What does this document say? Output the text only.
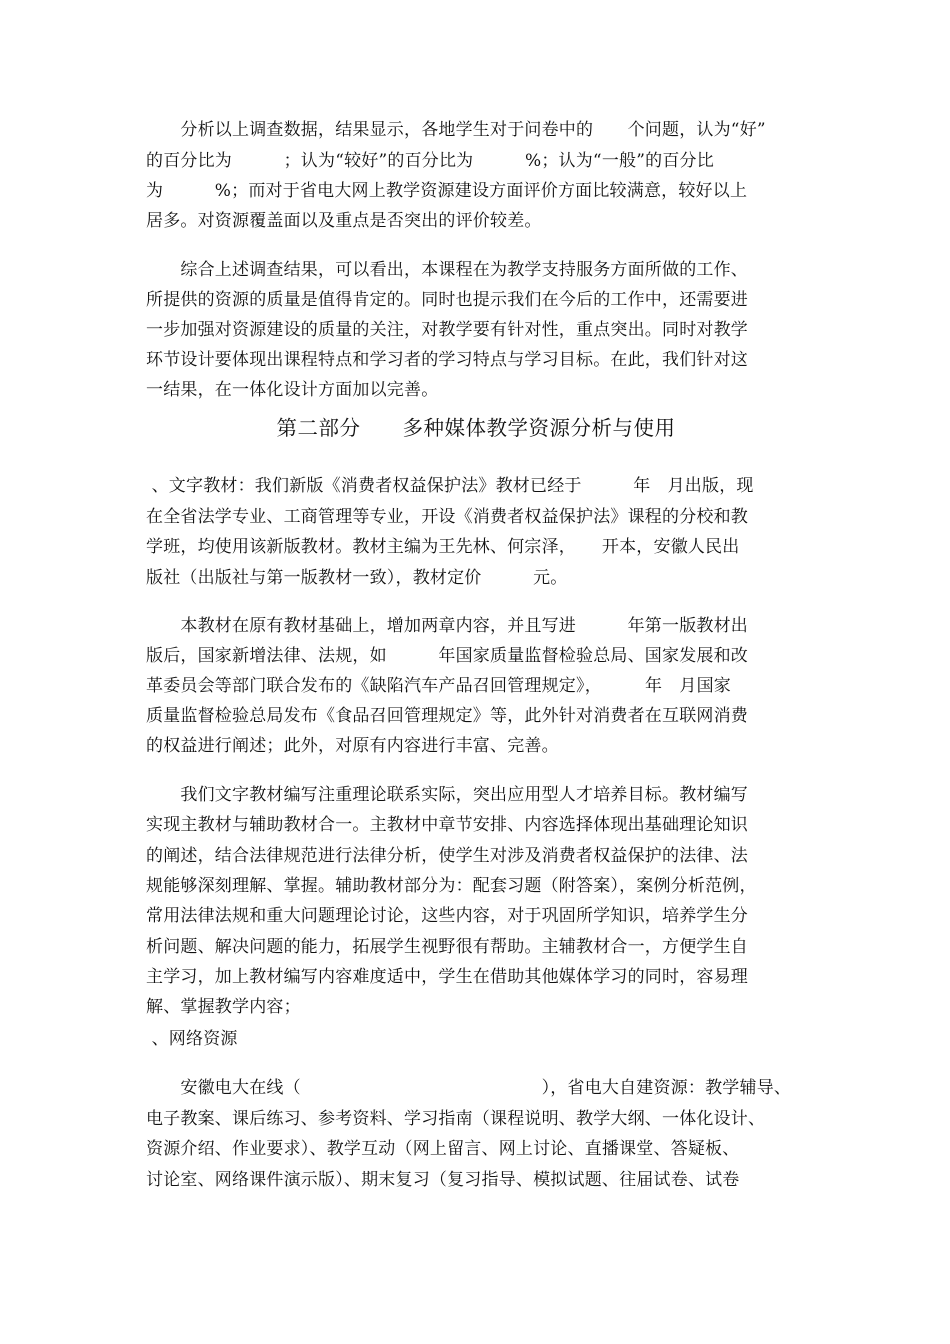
　　分析以上调查数据，结果显示，各地学生对于问卷中的　　个问题，认为“好”
的百分比为　　　；认为“较好”的百分比为　　　%；认为“一般”的百分比
为　　　%；而对于省电大网上教学资源建设方面评价方面比较满意，较好以上
居多。对资源覆盖面以及重点是否突出的评价较差。
　　综合上述调查结果，可以看出，本课程在为教学支持服务方面所做的工作、
所提供的资源的质量是值得肯定的。同时也提示我们在今后的工作中，还需要进
一步加强对资源建设的质量的关注，对教学要有针对性，重点突出。同时对教学
环节设计要体现出课程特点和学习者的学习特点与学习目标。在此，我们针对这
一结果，在一体化设计方面加以完善。
第二部分　　多种媒体教学资源分析与使用
、文字教材：我们新版《消费者权益保护法》教材已经于　　　年　月出版，现
在全省法学专业、工商管理等专业，开设《消费者权益保护法》课程的分校和教
学班，均使用该新版教材。教材主编为王先林、何宗泽，　　开本，安徽人民出
版社（出版社与第一版教材一致），教材定价　　　元。
　　本教材在原有教材基础上，增加两章内容，并且写进　　　年第一版教材出
版后，国家新增法律、法规，如　　　年国家质量监督检验总局、国家发展和改
革委员会等部门联合发布的《缺陷汽车产品召回管理规定》，　　　年　月国家
质量监督检验总局发布《食品召回管理规定》等，此外针对消费者在互联网消费
的权益进行阐述；此外，对原有内容进行丰富、完善。
　　我们文字教材编写注重理论联系实际，突出应用型人才培养目标。教材编写
实现主教材与辅助教材合一。主教材中章节安排、内容选择体现出基础理论知识
的阐述，结合法律规范进行法律分析，使学生对涉及消费者权益保护的法律、法
规能够深刻理解、掌握。辅助教材部分为：配套习题（附答案），案例分析范例，
常用法律法规和重大问题理论讨论，这些内容，对于巩固所学知识，培养学生分
析问题、解决问题的能力，拓展学生视野很有帮助。主辅教材合一，方便学生自
主学习，加上教材编写内容难度适中，学生在借助其他媒体学习的同时，容易理
解、掌握教学内容；
、网络资源
　　安徽电大在线（　　　　　　　　　　　　　　），省电大自建资源：教学辅导、
电子教案、课后练习、参考资料、学习指南（课程说明、教学大纲、一体化设计、
资源介绍、作业要求）、教学互动（网上留言、网上讨论、直播课堂、答疑板、
讨论室、网络课件演示版）、期末复习（复习指导、模拟试题、往届试卷、试卷
